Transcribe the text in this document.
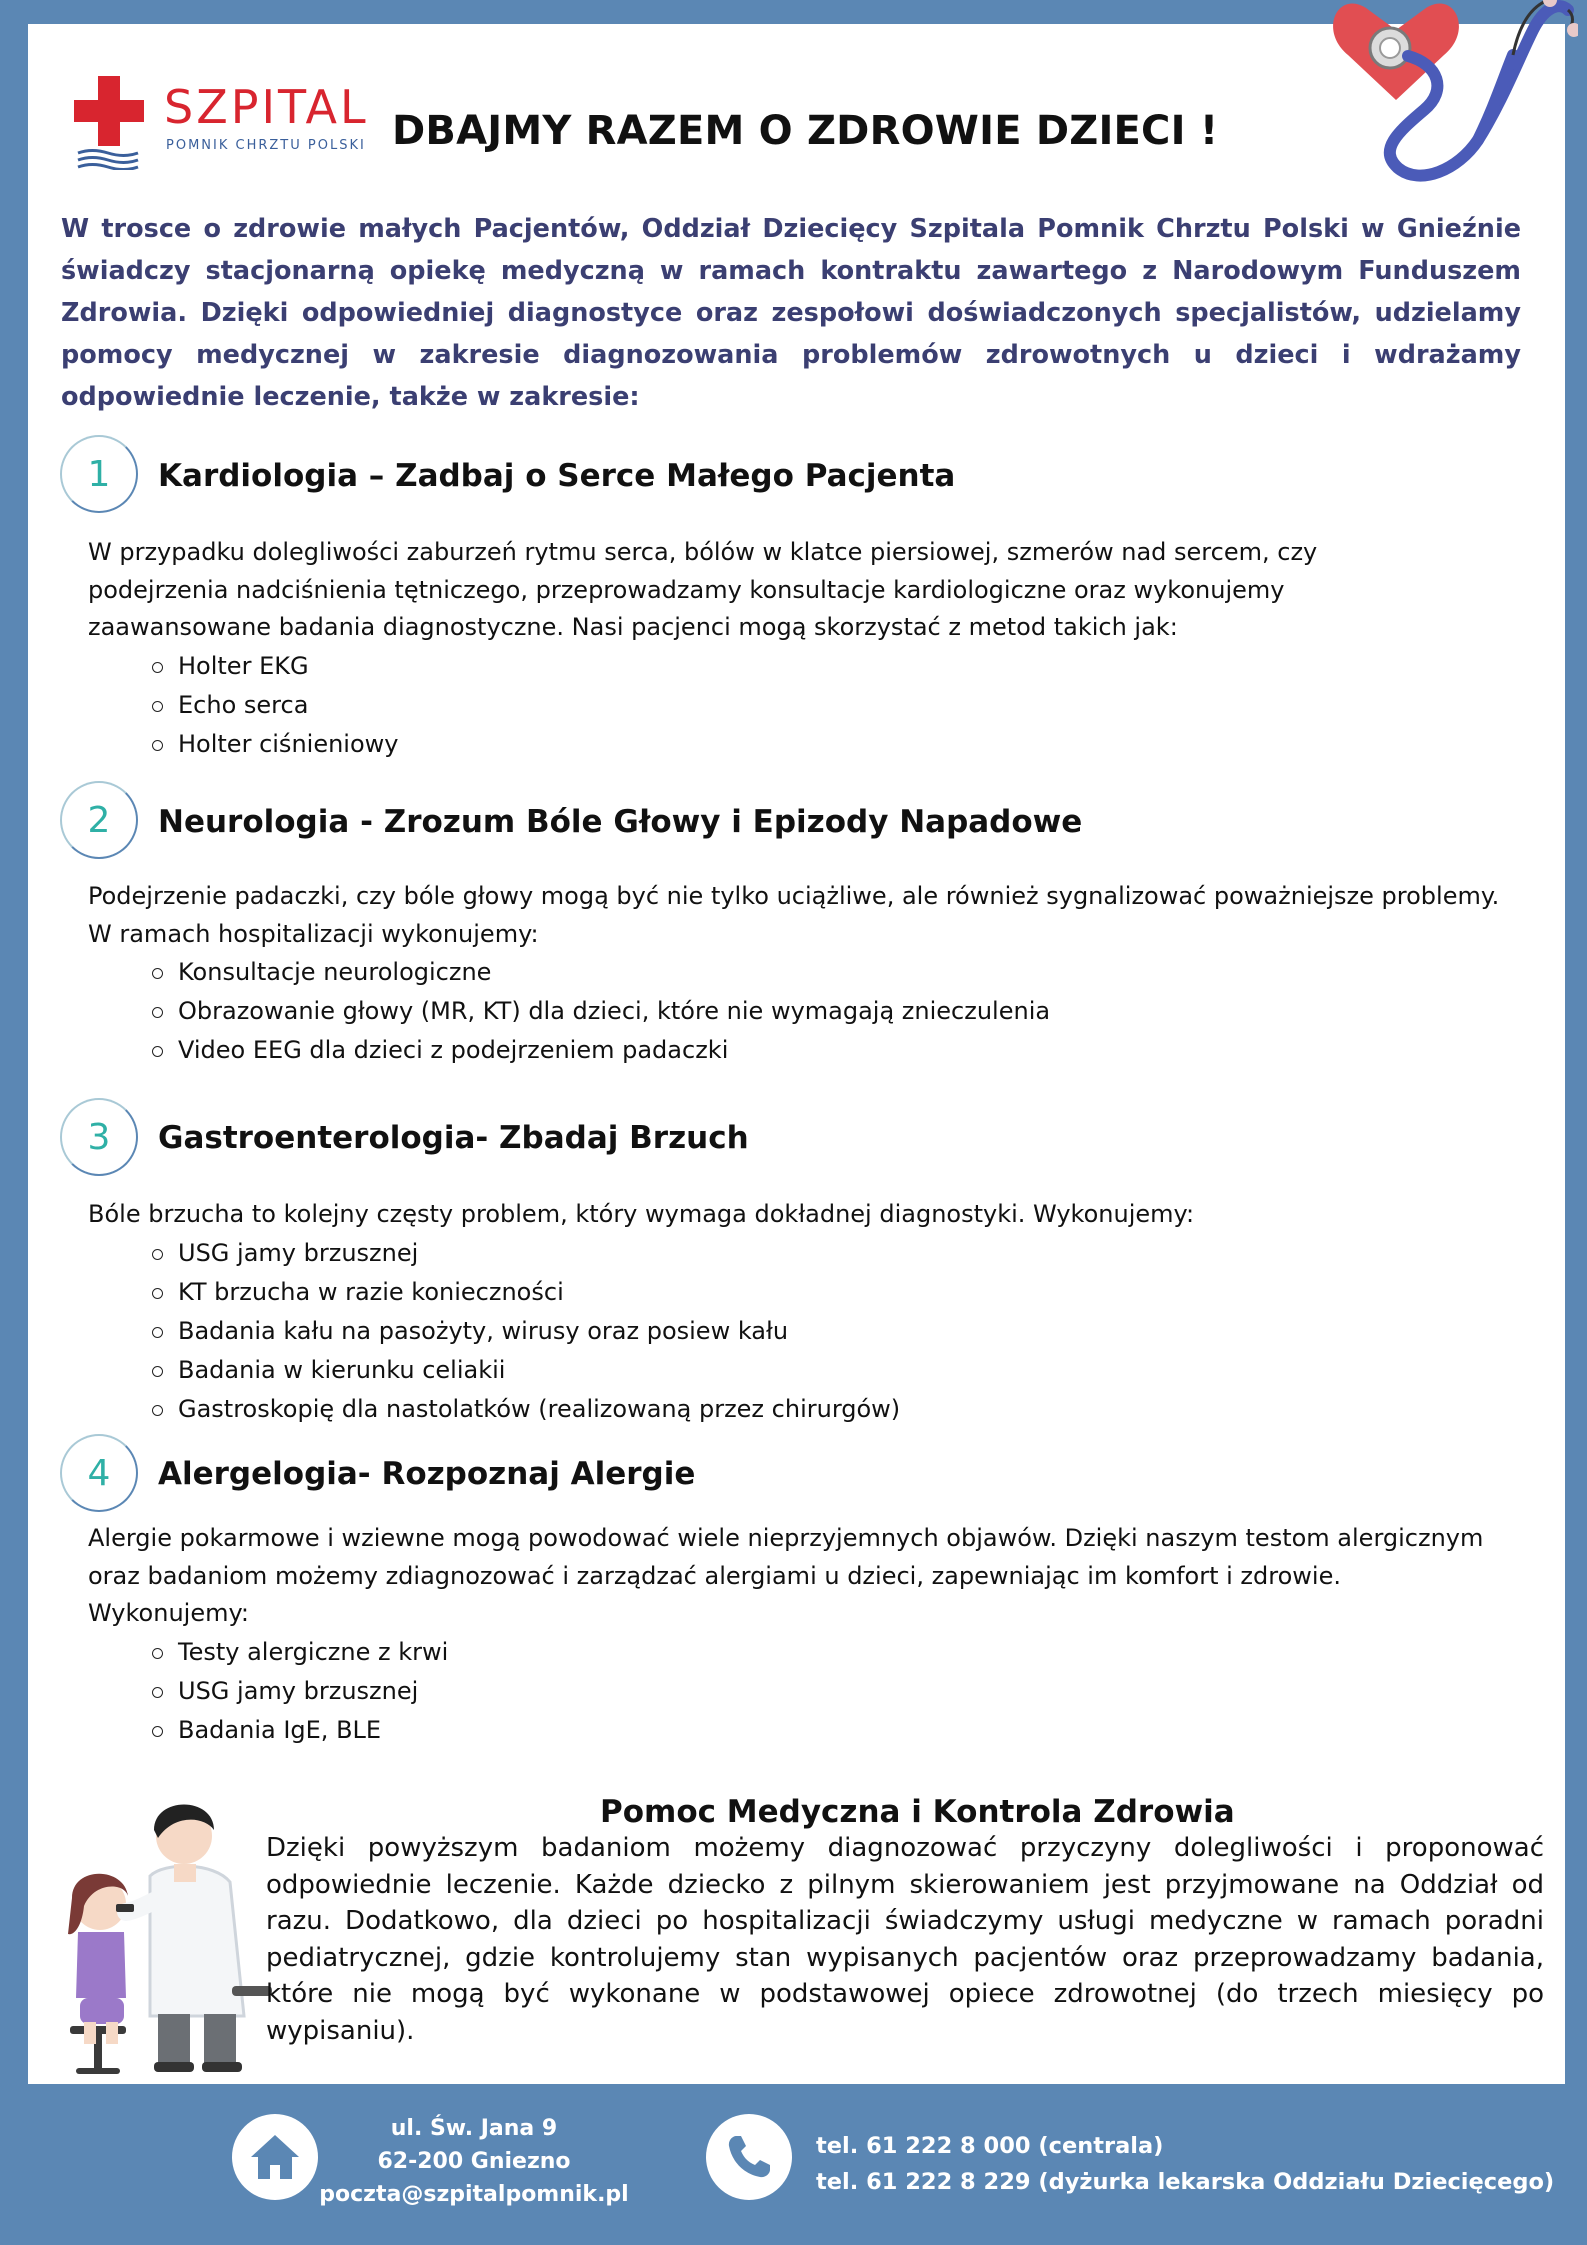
SZPITAL
POMNIK CHRZTU POLSKI DBAJMY RAZEM O ZDROWIE DZIECI !

W trosce o zdrowie małych Pacjentów, Oddział Dziecięcy Szpitala Pomnik Chrztu Polski w Gnieźnie świadczy stacjonarną opiekę medyczną w ramach kontraktu zawartego z Narodowym Funduszem Zdrowia. Dzięki odpowiedniej diagnostyce oraz zespołowi doświadczonych specjalistów, udzielamy pomocy medycznej w zakresie diagnozowania problemów zdrowotnych u dzieci i wdrażamy odpowiednie leczenie, także w zakresie:

1	Kardiologia – Zadbaj o Serce Małego Pacjenta
W przypadku dolegliwości zaburzeń rytmu serca, bólów w klatce piersiowej, szmerów nad sercem, czy
podejrzenia nadciśnienia tętniczego, przeprowadzamy konsultacje kardiologiczne oraz wykonujemy
zaawansowane badania diagnostyczne. Nasi pacjenci mogą skorzystać z metod takich jak:
Holter EKG
Echo serca
Holter ciśnieniowy
2	Neurologia - Zrozum Bóle Głowy i Epizody Napadowe
Podejrzenie padaczki, czy bóle głowy mogą być nie tylko uciążliwe, ale również sygnalizować poważniejsze problemy.
W ramach hospitalizacji wykonujemy:
Konsultacje neurologiczne
Obrazowanie głowy (MR, KT) dla dzieci, które nie wymagają znieczulenia
Video EEG dla dzieci z podejrzeniem padaczki
3	Gastroenterologia- Zbadaj Brzuch
Bóle brzucha to kolejny częsty problem, który wymaga dokładnej diagnostyki. Wykonujemy:
USG jamy brzusznej
KT brzucha w razie konieczności
Badania kału na pasożyty, wirusy oraz posiew kału
Badania w kierunku celiakii
Gastroskopię dla nastolatków (realizowaną przez chirurgów)
4	Alergelogia- Rozpoznaj Alergie
Alergie pokarmowe i wziewne mogą powodować wiele nieprzyjemnych objawów. Dzięki naszym testom alergicznym
oraz badaniom możemy zdiagnozować i zarządzać alergiami u dzieci, zapewniając im komfort i zdrowie.
Wykonujemy:
Testy alergiczne z krwi
USG jamy brzusznej
Badania IgE, BLE
Pomoc Medyczna i Kontrola Zdrowia

Dzięki powyższym badaniom możemy diagnozować przyczyny dolegliwości i proponować odpowiednie leczenie. Każde dziecko z pilnym skierowaniem jest przyjmowane na Oddział od razu. Dodatkowo, dla dzieci po hospitalizacji świadczymy usługi medyczne w ramach poradni pediatrycznej, gdzie kontrolujemy stan wypisanych pacjentów oraz przeprowadzamy badania, które nie mogą być wykonane w podstawowej opiece zdrowotnej (do trzech miesięcy po wypisaniu).

ul. Św. Jana 9
62-200 Gniezno
poczta@szpitalpomnik.pl
tel. 61 222 8 000 (centrala)
tel. 61 222 8 229 (dyżurka lekarska Oddziału Dziecięcego)
